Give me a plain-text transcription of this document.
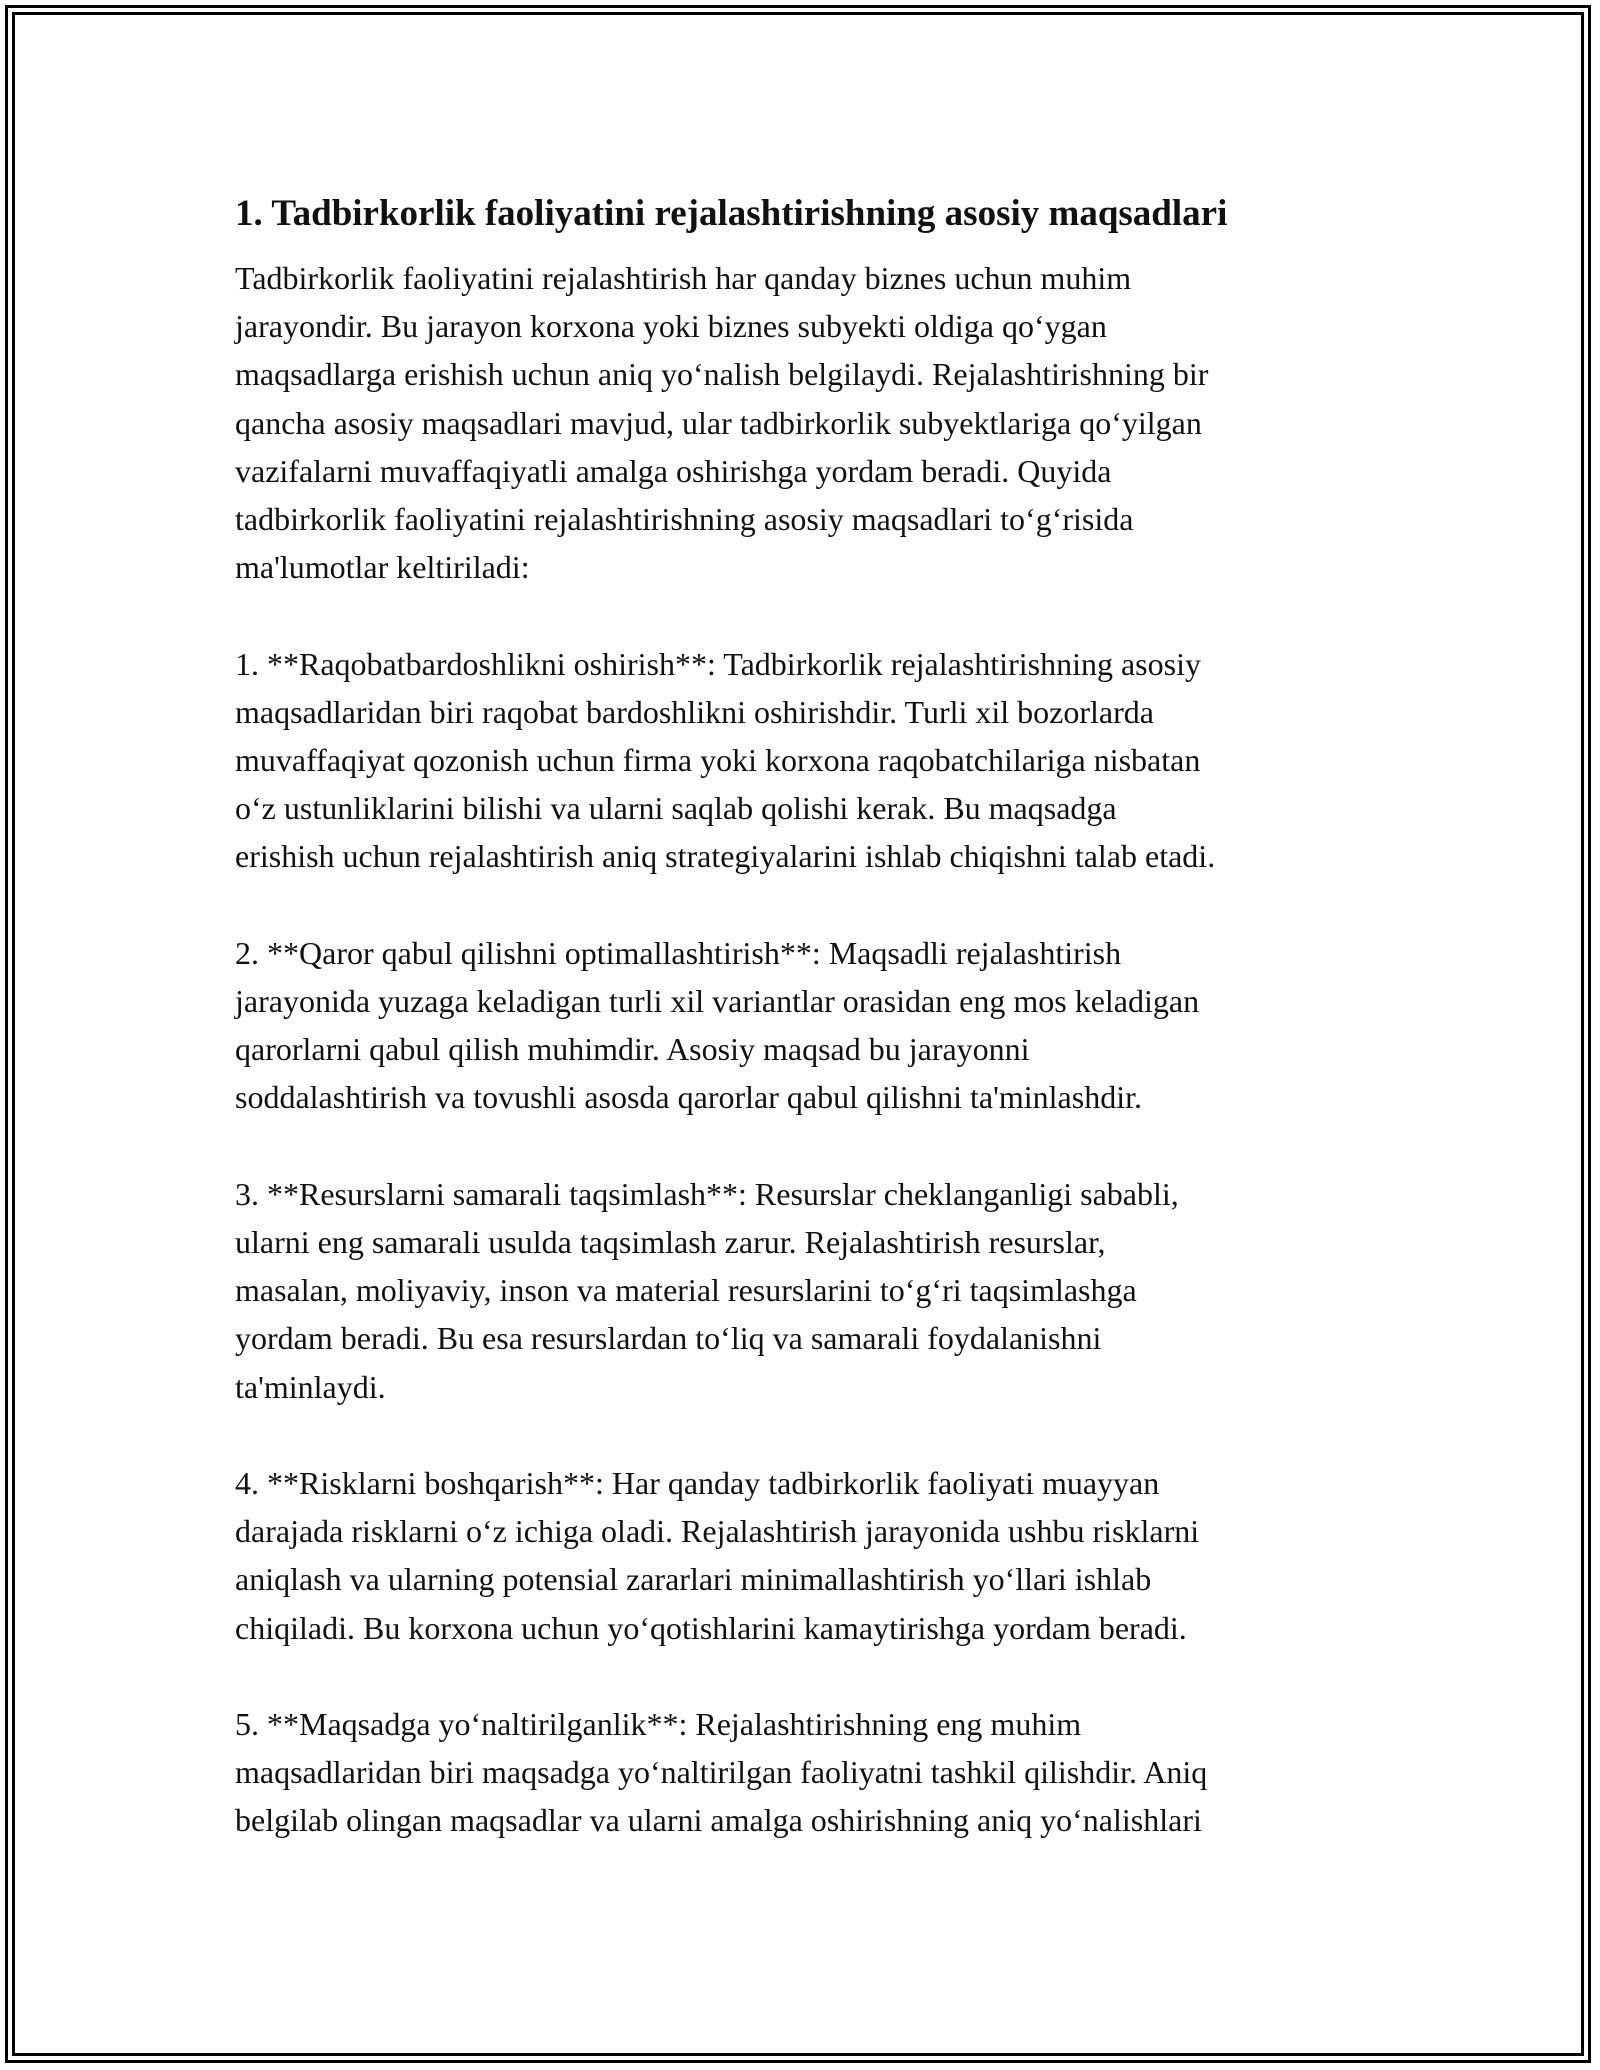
1. Tadbirkorlik faoliyatini rejalashtirishning asosiy maqsadlari
Tadbirkorlik faoliyatini rejalashtirish har qanday biznes uchun muhim
jarayondir. Bu jarayon korxona yoki biznes subyekti oldiga qo‘ygan
maqsadlarga erishish uchun aniq yo‘nalish belgilaydi. Rejalashtirishning bir
qancha asosiy maqsadlari mavjud, ular tadbirkorlik subyektlariga qo‘yilgan
vazifalarni muvaffaqiyatli amalga oshirishga yordam beradi. Quyida
tadbirkorlik faoliyatini rejalashtirishning asosiy maqsadlari to‘g‘risida
ma'lumotlar keltiriladi:
1. **Raqobatbardoshlikni oshirish**: Tadbirkorlik rejalashtirishning asosiy
maqsadlaridan biri raqobat bardoshlikni oshirishdir. Turli xil bozorlarda
muvaffaqiyat qozonish uchun firma yoki korxona raqobatchilariga nisbatan
o‘z ustunliklarini bilishi va ularni saqlab qolishi kerak. Bu maqsadga
erishish uchun rejalashtirish aniq strategiyalarini ishlab chiqishni talab etadi.
2. **Qaror qabul qilishni optimallashtirish**: Maqsadli rejalashtirish
jarayonida yuzaga keladigan turli xil variantlar orasidan eng mos keladigan
qarorlarni qabul qilish muhimdir. Asosiy maqsad bu jarayonni
soddalashtirish va tovushli asosda qarorlar qabul qilishni ta'minlashdir.
3. **Resurslarni samarali taqsimlash**: Resurslar cheklanganligi sababli,
ularni eng samarali usulda taqsimlash zarur. Rejalashtirish resurslar,
masalan, moliyaviy, inson va material resurslarini to‘g‘ri taqsimlashga
yordam beradi. Bu esa resurslardan to‘liq va samarali foydalanishni
ta'minlaydi.
4. **Risklarni boshqarish**: Har qanday tadbirkorlik faoliyati muayyan
darajada risklarni o‘z ichiga oladi. Rejalashtirish jarayonida ushbu risklarni
aniqlash va ularning potensial zararlari minimallashtirish yo‘llari ishlab
chiqiladi. Bu korxona uchun yo‘qotishlarini kamaytirishga yordam beradi.
5. **Maqsadga yo‘naltirilganlik**: Rejalashtirishning eng muhim
maqsadlaridan biri maqsadga yo‘naltirilgan faoliyatni tashkil qilishdir. Aniq
belgilab olingan maqsadlar va ularni amalga oshirishning aniq yo‘nalishlari
